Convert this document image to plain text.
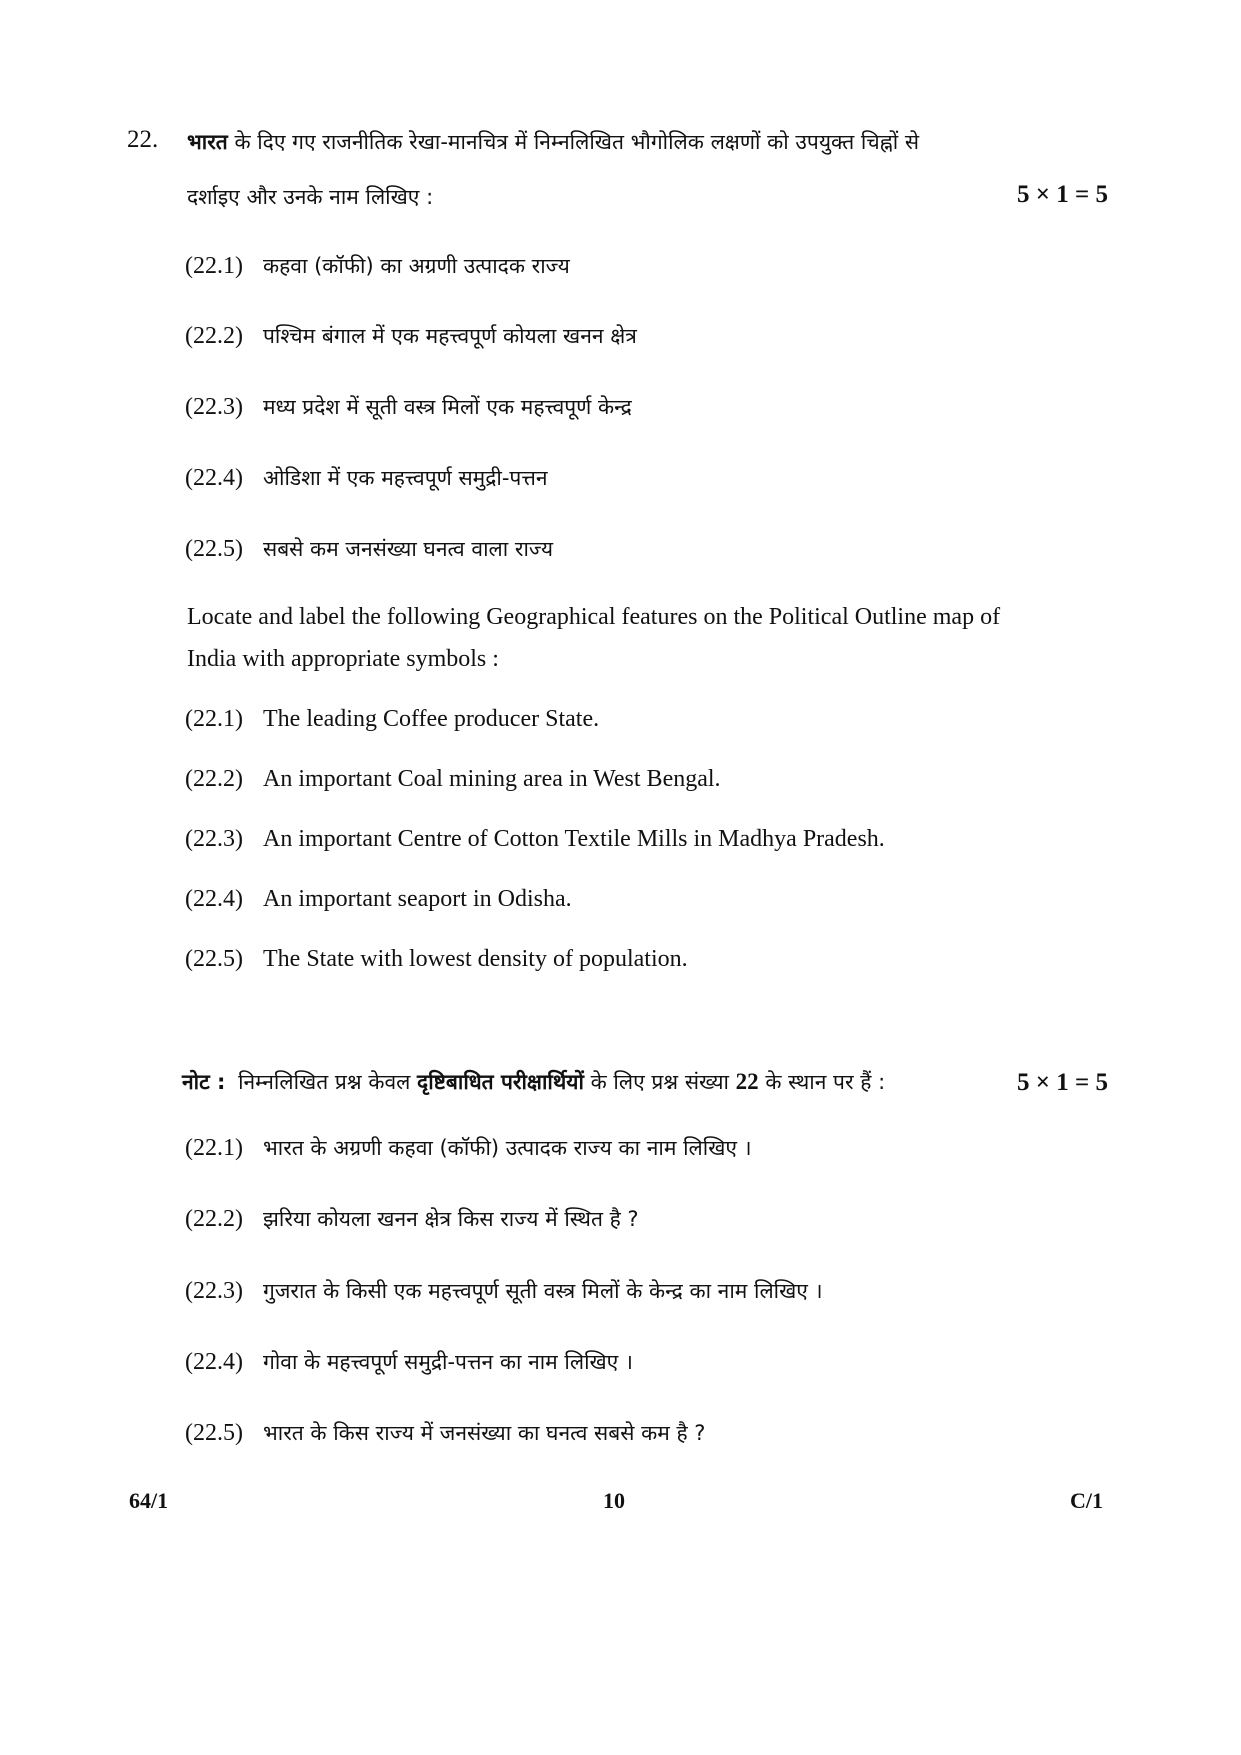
22. भारत के दिए गए राजनीतिक रेखा-मानचित्र में निम्नलिखित भौगोलिक लक्षणों को उपयुक्त चिह्नों से
दर्शाइए और उनके नाम लिखिए :	5 × 1 = 5
(22.1) कहवा (कॉफी) का अग्रणी उत्पादक राज्य
(22.2) पश्चिम बंगाल में एक महत्त्वपूर्ण कोयला खनन क्षेत्र
(22.3) मध्य प्रदेश में सूती वस्त्र मिलों एक महत्त्वपूर्ण केन्द्र
(22.4) ओडिशा में एक महत्त्वपूर्ण समुद्री-पत्तन
(22.5) सबसे कम जनसंख्या घनत्व वाला राज्य
Locate and label the following Geographical features on the Political Outline map of
India with appropriate symbols :
(22.1) The leading Coffee producer State.
(22.2) An important Coal mining area in West Bengal.
(22.3) An important Centre of Cotton Textile Mills in Madhya Pradesh.
(22.4) An important seaport in Odisha.
(22.5) The State with lowest density of population.
नोट : निम्नलिखित प्रश्न केवल दृष्टिबाधित परीक्षार्थियों के लिए प्रश्न संख्या 22 के स्थान पर हैं :	5 × 1 = 5
(22.1) भारत के अग्रणी कहवा (कॉफी) उत्पादक राज्य का नाम लिखिए ।
(22.2) झरिया कोयला खनन क्षेत्र किस राज्य में स्थित है ?
(22.3) गुजरात के किसी एक महत्त्वपूर्ण सूती वस्त्र मिलों के केन्द्र का नाम लिखिए ।
(22.4) गोवा के महत्त्वपूर्ण समुद्री-पत्तन का नाम लिखिए ।
(22.5) भारत के किस राज्य में जनसंख्या का घनत्व सबसे कम है ?
64/1	10	C/1
